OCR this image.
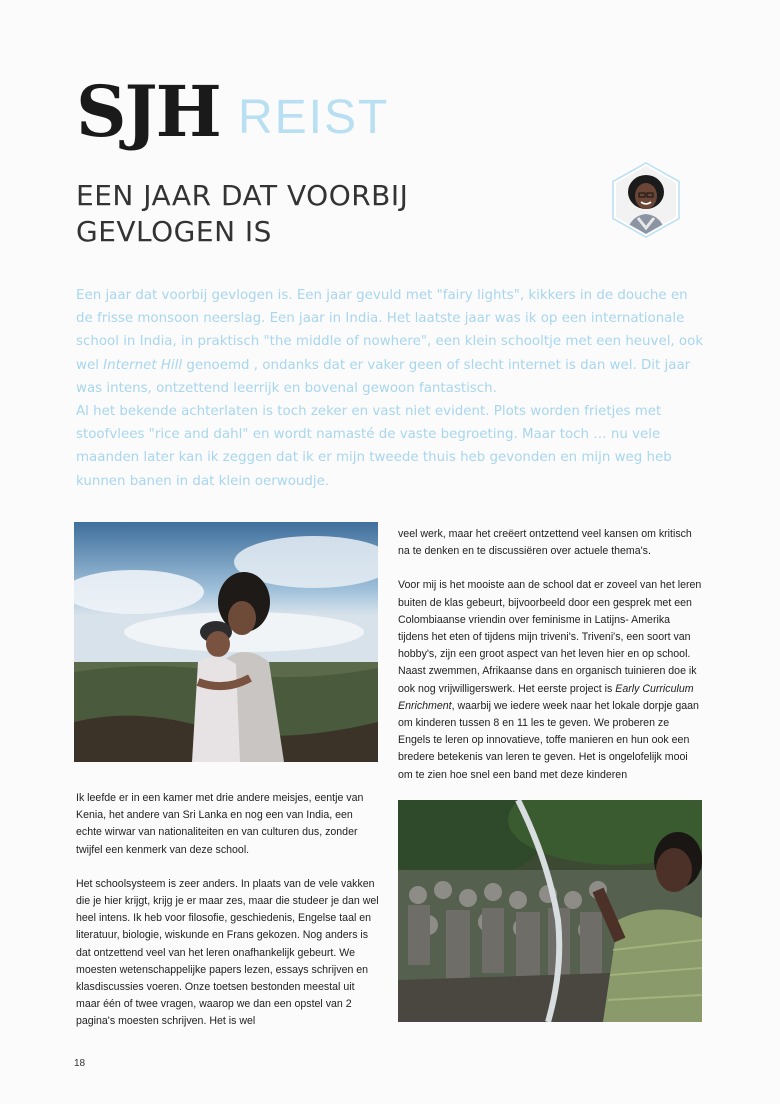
SJH REIST
EEN JAAR DAT VOORBIJ GEVLOGEN IS

Een jaar dat voorbij gevlogen is. Een jaar gevuld met "fairy lights", kikkers in de douche en de frisse monsoon neerslag. Een jaar in India. Het laatste jaar was ik op een internationale school in India, in praktisch "the middle of nowhere", een klein schooltje met een heuvel, ook wel Internet Hill genoemd , ondanks dat er vaker geen of slecht internet is dan wel. Dit jaar was intens, ontzettend leerrijk en bovenal gewoon fantastisch.

Al het bekende achterlaten is toch zeker en vast niet evident. Plots worden frietjes met stoofvlees "rice and dahl" en wordt namasté de vaste begroeting. Maar toch … nu vele maanden later kan ik zeggen dat ik er mijn tweede thuis heb gevonden en mijn weg heb kunnen banen in dat klein oerwoudje.

veel werk, maar het creëert ontzettend veel kansen om kritisch na te denken en te discussiëren over actuele thema's.

Voor mij is het mooiste aan de school dat er zoveel van het leren buiten de klas gebeurt, bijvoorbeeld door een gesprek met een Colombiaanse vriendin over feminisme in Latijns- Amerika tijdens het eten of tijdens mijn triveni's. Triveni's, een soort van hobby's, zijn een groot aspect van het leven hier en op school. Naast zwemmen, Afrikaanse dans en organisch tuinieren doe ik ook nog vrijwilligerswerk. Het eerste project is Early Curriculum Enrichment, waarbij we iedere week naar het lokale dorpje gaan om kinderen tussen 8 en 11 les te geven. We proberen ze Engels te leren op innovatieve, toffe manieren en hun ook een bredere betekenis van leren te geven. Het is ongelofelijk mooi om te zien hoe snel een band met deze kinderen

Ik leefde er in een kamer met drie andere meisjes, eentje van Kenia, het andere van Sri Lanka en nog een van India, een echte wirwar van nationaliteiten en van culturen dus, zonder twijfel een kenmerk van deze school.

Het schoolsysteem is zeer anders. In plaats van de vele vakken die je hier krijgt, krijg je er maar zes, maar die studeer je dan wel heel intens. Ik heb voor filosofie, geschiedenis, Engelse taal en literatuur, biologie, wiskunde en Frans gekozen. Nog anders is dat ontzettend veel van het leren onafhankelijk gebeurt. We moesten wetenschappelijke papers lezen, essays schrijven en klasdiscussies voeren. Onze toetsen bestonden meestal uit maar één of twee vragen, waarop we dan een opstel van 2 pagina's moesten schrijven. Het is wel

18
